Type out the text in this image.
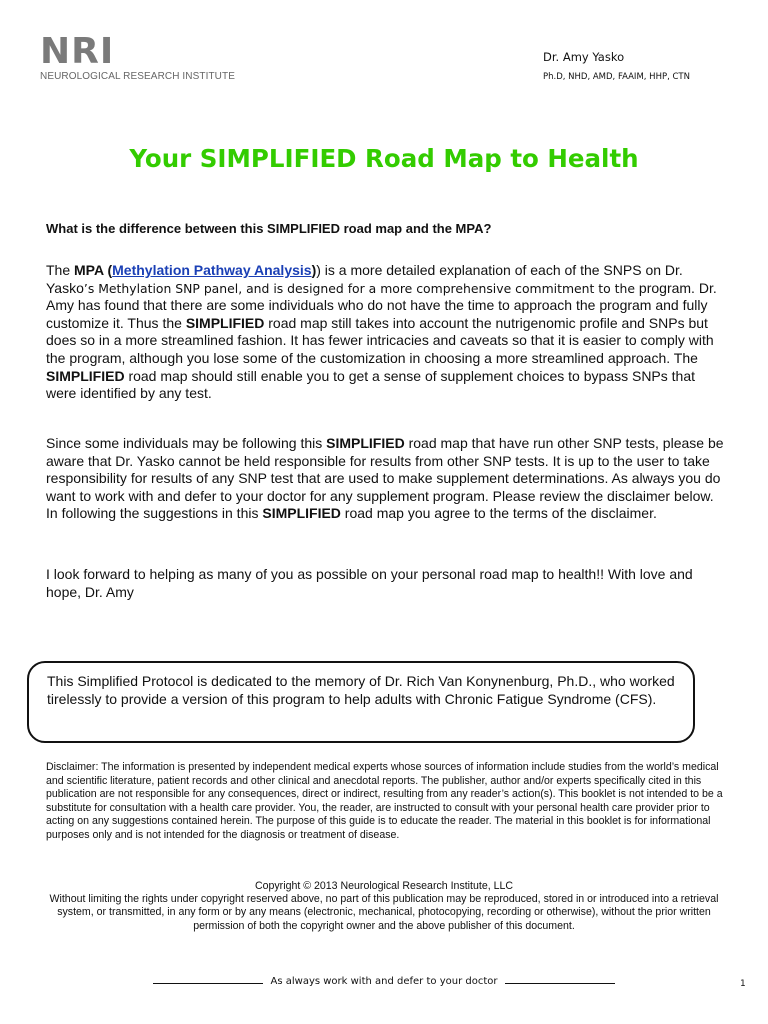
NRI
NEUROLOGICAL RESEARCH INSTITUTE
Dr. Amy Yasko
Ph.D, NHD, AMD, FAAIM, HHP, CTN
Your SIMPLIFIED Road Map to Health
What is the difference between this SIMPLIFIED road map and the MPA?
The MPA (Methylation Pathway Analysis)) is a more detailed explanation of each of the SNPS on Dr. Yasko’s Methylation SNP panel, and is designed for a more comprehensive commitment to the program. Dr. Amy has found that there are some individuals who do not have the time to approach the program and fully customize it. Thus the SIMPLIFIED road map still takes into account the nutrigenomic profile and SNPs but does so in a more streamlined fashion. It has fewer intricacies and caveats so that it is easier to comply with the program, although you lose some of the customization in choosing a more streamlined approach. The SIMPLIFIED road map should still enable you to get a sense of supplement choices to bypass SNPs that were identified by any test.
Since some individuals may be following this SIMPLIFIED road map that have run other SNP tests, please be aware that Dr. Yasko cannot be held responsible for results from other SNP tests. It is up to the user to take responsibility for results of any SNP test that are used to make supplement determinations. As always you do want to work with and defer to your doctor for any supplement program. Please review the disclaimer below. In following the suggestions in this SIMPLIFIED road map you agree to the terms of the disclaimer.
I look forward to helping as many of you as possible on your personal road map to health!! With love and hope, Dr. Amy
This Simplified Protocol is dedicated to the memory of Dr. Rich Van Konynenburg, Ph.D., who worked tirelessly to provide a version of this program to help adults with Chronic Fatigue Syndrome (CFS).
Disclaimer: The information is presented by independent medical experts whose sources of information include studies from the world’s medical and scientific literature, patient records and other clinical and anecdotal reports. The publisher, author and/or experts specifically cited in this publication are not responsible for any consequences, direct or indirect, resulting from any reader’s action(s). This booklet is not intended to be a substitute for consultation with a health care provider. You, the reader, are instructed to consult with your personal health care provider prior to acting on any suggestions contained herein. The purpose of this guide is to educate the reader. The material in this booklet is for informational purposes only and is not intended for the diagnosis or treatment of disease.
Copyright © 2013 Neurological Research Institute, LLC
Without limiting the rights under copyright reserved above, no part of this publication may be reproduced, stored in or introduced into a retrieval system, or transmitted, in any form or by any means (electronic, mechanical, photocopying, recording or otherwise), without the prior written permission of both the copyright owner and the above publisher of this document.
As always work with and defer to your doctor	1
